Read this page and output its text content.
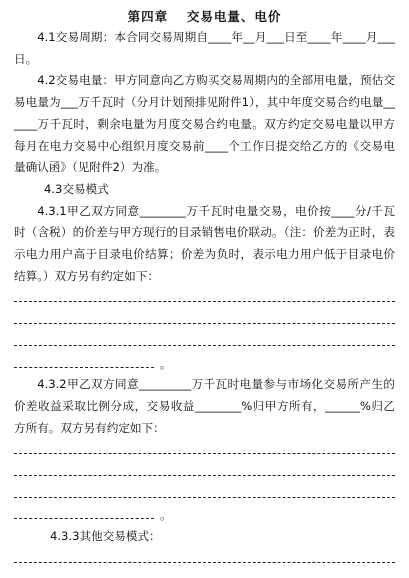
第四章　 交易电量、电价

4.1交易周期：本合同交易周期自____年__月___日至____年____月___日。

4.2交易电量：甲方同意向乙方购买交易周期内的全部用电量，预估交易电量为___万千瓦时（分月计划预排见附件1），其中年度交易合约电量______万千瓦时，剩余电量为月度交易合约电量。双方约定交易电量以甲方每月在电力交易中心组织月度交易前____个工作日提交给乙方的《交易电量确认函》（见附件2）为准。

4.3交易模式

4.3.1甲乙双方同意________万千瓦时电量交易，电价按____分/千瓦时（含税）的价差与甲方现行的目录销售电价联动。（注：价差为正时，表示电力用户高于目录电价结算；价差为负时，表示电力用户低于目录电价结算。）双方另有约定如下：

。

4.3.2甲乙双方同意_________万千瓦时电量参与市场化交易所产生的价差收益采取比例分成，交易收益________%归甲方所有，______%归乙方所有。双方另有约定如下：

。
4.3.3其他交易模式：
